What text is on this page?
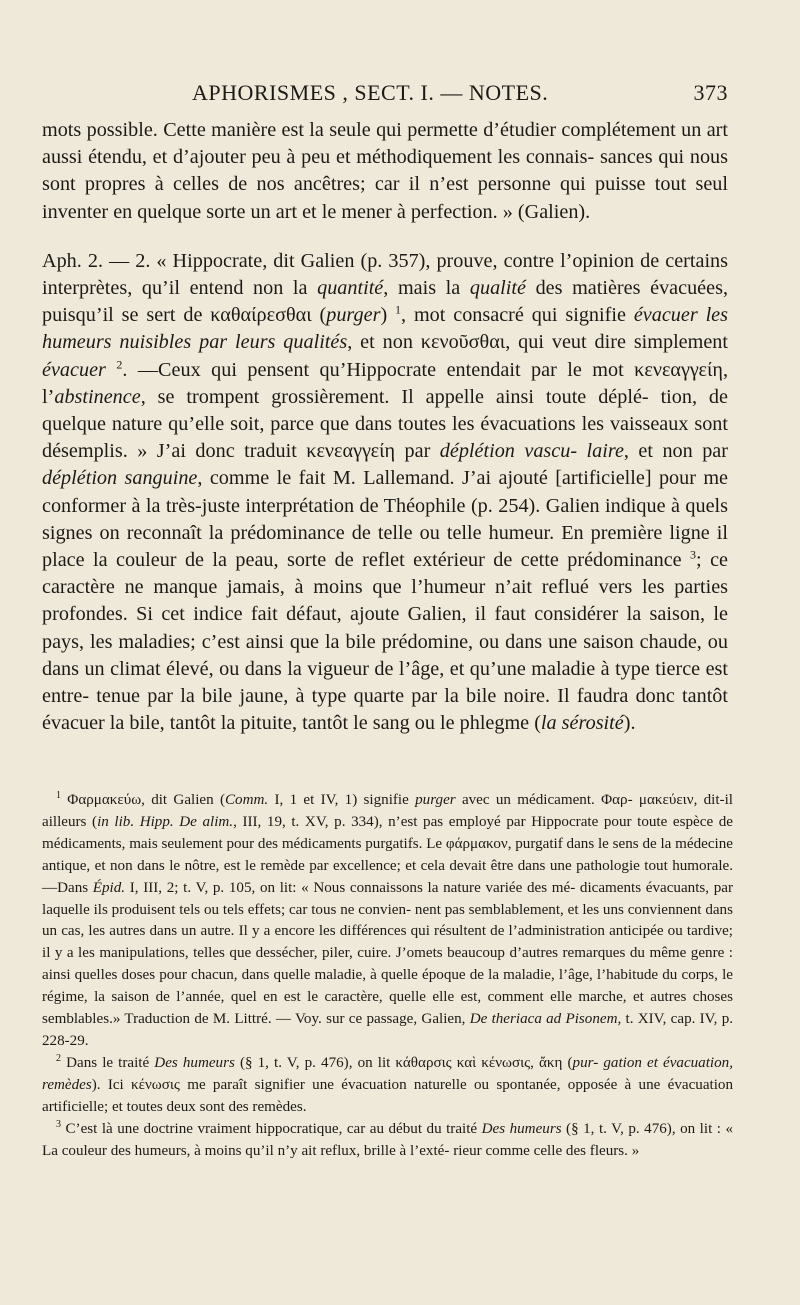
APHORISMES , SECT. I. — NOTES.	373

mots possible. Cette manière est la seule qui permette d’étudier complétement un art aussi étendu, et d’ajouter peu à peu et méthodiquement les connais- sances qui nous sont propres à celles de nos ancêtres; car il n’est personne qui puisse tout seul inventer en quelque sorte un art et le mener à perfection. » (Galien).

Aph. 2. — 2. « Hippocrate, dit Galien (p. 357), prouve, contre l’opinion de certains interprètes, qu’il entend non la quantité, mais la qualité des matières évacuées, puisqu’il se sert de καθαίρεσθαι (purger) $^1$, mot consacré qui signifie évacuer les humeurs nuisibles par leurs qualités, et non κενοῦσθαι, qui veut dire simplement évacuer $^2$. —Ceux qui pensent qu’Hippocrate entendait par le mot κενεαγγείη, l’abstinence, se trompent grossièrement. Il appelle ainsi toute déplé- tion, de quelque nature qu’elle soit, parce que dans toutes les évacuations les vaisseaux sont désemplis. » J’ai donc traduit κενεαγγείη par déplétion vascu- laire, et non par déplétion sanguine, comme le fait M. Lallemand. J’ai ajouté [artificielle] pour me conformer à la très-juste interprétation de Théophile (p. 254). Galien indique à quels signes on reconnaît la prédominance de telle ou telle humeur. En première ligne il place la couleur de la peau, sorte de reflet extérieur de cette prédominance $^3$; ce caractère ne manque jamais, à moins que l’humeur n’ait reflué vers les parties profondes. Si cet indice fait défaut, ajoute Galien, il faut considérer la saison, le pays, les maladies; c’est ainsi que la bile prédomine, ou dans une saison chaude, ou dans un climat élevé, ou dans la vigueur de l’âge, et qu’une maladie à type tierce est entre- tenue par la bile jaune, à type quarte par la bile noire. Il faudra donc tantôt évacuer la bile, tantôt la pituite, tantôt le sang ou le phlegme (la sérosité).

$^1$ Φαρμακεύω, dit Galien (Comm. I, 1 et IV, 1) signifie purger avec un médicament. Φαρ- μακεύειν, dit-il ailleurs (in lib. Hipp. De alim., III, 19, t. XV, p. 334), n’est pas employé par Hippocrate pour toute espèce de médicaments, mais seulement pour des médicaments purgatifs. Le φάρμακον, purgatif dans le sens de la médecine antique, et non dans le nôtre, est le remède par excellence; et cela devait être dans une pathologie tout humorale. —Dans Épid. I, III, 2; t. V, p. 105, on lit: « Nous connaissons la nature variée des mé- dicaments évacuants, par laquelle ils produisent tels ou tels effets; car tous ne convien- nent pas semblablement, et les uns conviennent dans un cas, les autres dans un autre. Il y a encore les différences qui résultent de l’administration anticipée ou tardive; il y a les manipulations, telles que dessécher, piler, cuire. J’omets beaucoup d’autres remarques du même genre : ainsi quelles doses pour chacun, dans quelle maladie, à quelle époque de la maladie, l’âge, l’habitude du corps, le régime, la saison de l’année, quel en est le caractère, quelle elle est, comment elle marche, et autres choses semblables.» Traduction de M. Littré. — Voy. sur ce passage, Galien, De theriaca ad Pisonem, t. XIV, cap. IV, p. 228-29.

$^2$ Dans le traité Des humeurs (§ 1, t. V, p. 476), on lit κάθαρσις καὶ κένωσις, ἄκη (pur- gation et évacuation, remèdes). Ici κένωσις me paraît signifier une évacuation naturelle ou spontanée, opposée à une évacuation artificielle; et toutes deux sont des remèdes.

$^3$ C’est là une doctrine vraiment hippocratique, car au début du traité Des humeurs (§ 1, t. V, p. 476), on lit : « La couleur des humeurs, à moins qu’il n’y ait reflux, brille à l’exté- rieur comme celle des fleurs. »
